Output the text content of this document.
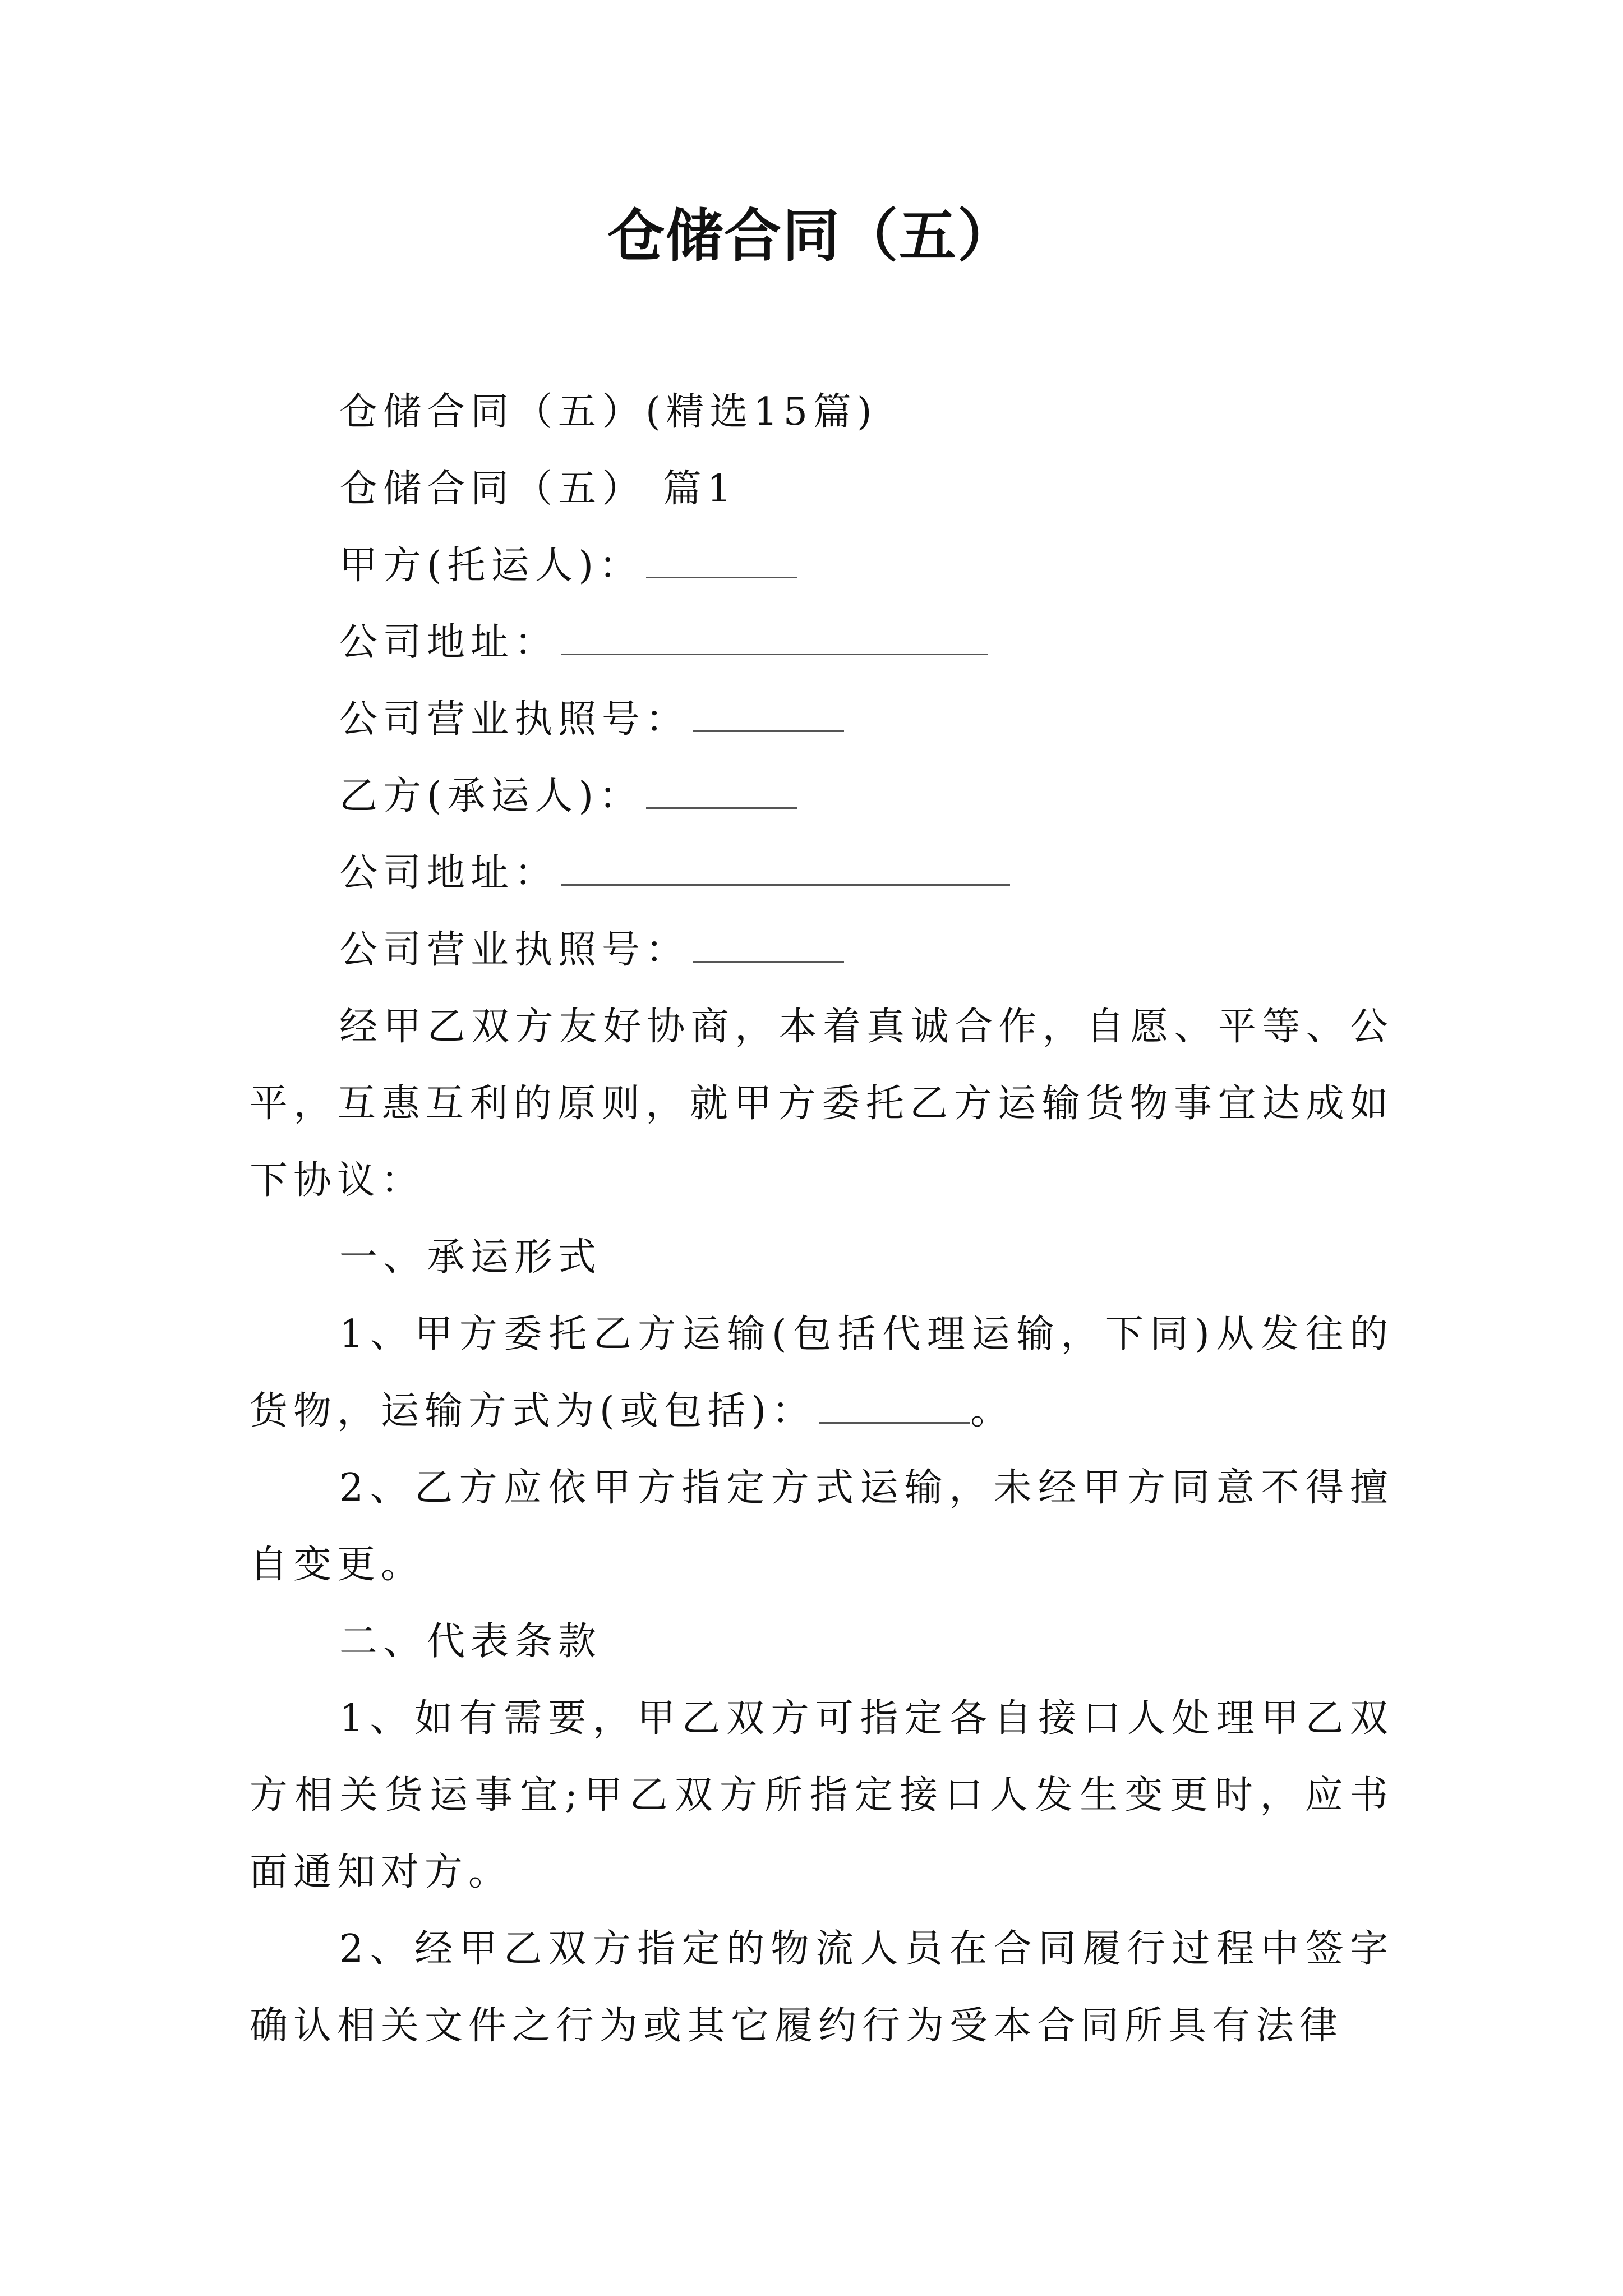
仓储合同（五）

仓储合同（五）(精选15篇)

仓储合同（五） 篇1

甲方(托运人)：

公司地址：

公司营业执照号：

乙方(承运人)：

公司地址：

公司营业执照号：

经甲乙双方友好协商，本着真诚合作，自愿、平等、公平，互惠互利的原则，就甲方委托乙方运输货物事宜达成如下协议：

一、承运形式

1、甲方委托乙方运输(包括代理运输，下同)从发往的货物，运输方式为(或包括)：	。

2、乙方应依甲方指定方式运输，未经甲方同意不得擅自变更。

二、代表条款

1、如有需要，甲乙双方可指定各自接口人处理甲乙双方相关货运事宜;甲乙双方所指定接口人发生变更时，应书面通知对方。

2、经甲乙双方指定的物流人员在合同履行过程中签字确认相关文件之行为或其它履约行为受本合同所具有法律
